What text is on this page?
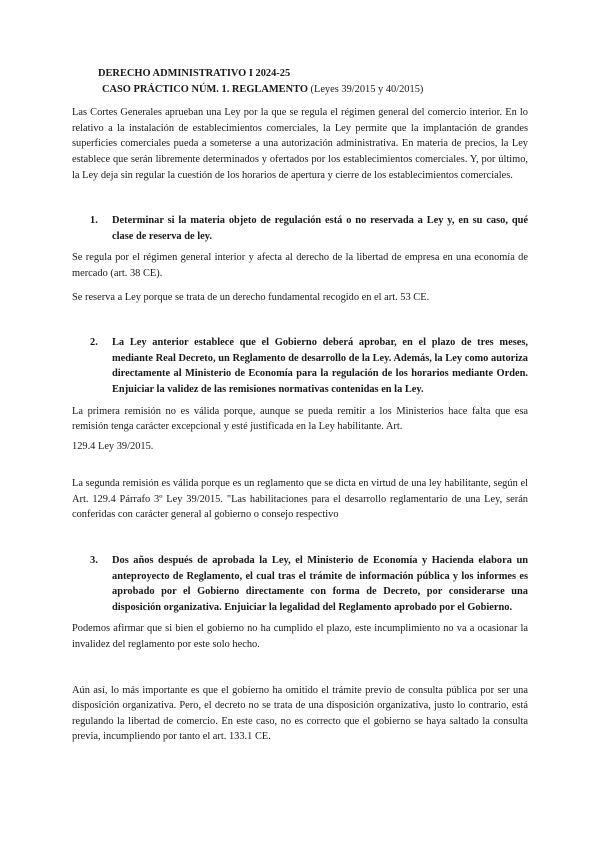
DERECHO ADMINISTRATIVO I 2024-25

CASO PRÁCTICO NÚM. 1. REGLAMENTO (Leyes 39/2015 y 40/2015)

Las Cortes Generales aprueban una Ley por la que se regula el régimen general del comercio interior. En lo relativo a la instalación de establecimientos comerciales, la Ley permite que la implantación de grandes superficies comerciales pueda a someterse a una autorización administrativa. En materia de precios, la Ley establece que serán libremente determinados y ofertados por los establecimientos comerciales. Y, por último, la Ley deja sin regular la cuestión de los horarios de apertura y cierre de los establecimientos comerciales.

1.	Determinar si la materia objeto de regulación está o no reservada a Ley y, en su caso, qué clase de reserva de ley.

Se regula por el régimen general interior y afecta al derecho de la libertad de empresa en una economía de mercado (art. 38 CE).

Se reserva a Ley porque se trata de un derecho fundamental recogido en el art. 53 CE.

2.	La Ley anterior establece que el Gobierno deberá aprobar, en el plazo de tres meses, mediante Real Decreto, un Reglamento de desarrollo de la Ley. Además, la Ley como autoriza directamente al Ministerio de Economía para la regulación de los horarios mediante Orden. Enjuiciar la validez de las remisiones normativas contenidas en la Ley.

La primera remisión no es válida porque, aunque se pueda remitir a los Ministerios hace falta que esa remisión tenga carácter excepcional y esté justificada en la Ley habilitante. Art.

129.4 Ley 39/2015.

La segunda remisión es válida porque es un reglamento que se dicta en virtud de una ley habilitante, según el Art. 129.4 Párrafo 3º Ley 39/2015. "Las habilitaciones para el desarrollo reglamentario de una Ley, serán conferidas con carácter general al gobierno o consejo respectivo

3.	Dos años después de aprobada la Ley, el Ministerio de Economía y Hacienda elabora un anteproyecto de Reglamento, el cual tras el trámite de información pública y los informes es aprobado por el Gobierno directamente con forma de Decreto, por considerarse una disposición organizativa. Enjuiciar la legalidad del Reglamento aprobado por el Gobierno.

Podemos afirmar que si bien el gobierno no ha cumplido el plazo, este incumplimiento no va a ocasionar la invalidez del reglamento por este solo hecho.

Aún así, lo más importante es que el gobierno ha omitido el trámite previo de consulta pública por ser una disposición organizativa. Pero, el decreto no se trata de una disposición organizativa, justo lo contrario, está regulando la libertad de comercio. En este caso, no es correcto que el gobierno se haya saltado la consulta previa, incumpliendo por tanto el art. 133.1 CE.
